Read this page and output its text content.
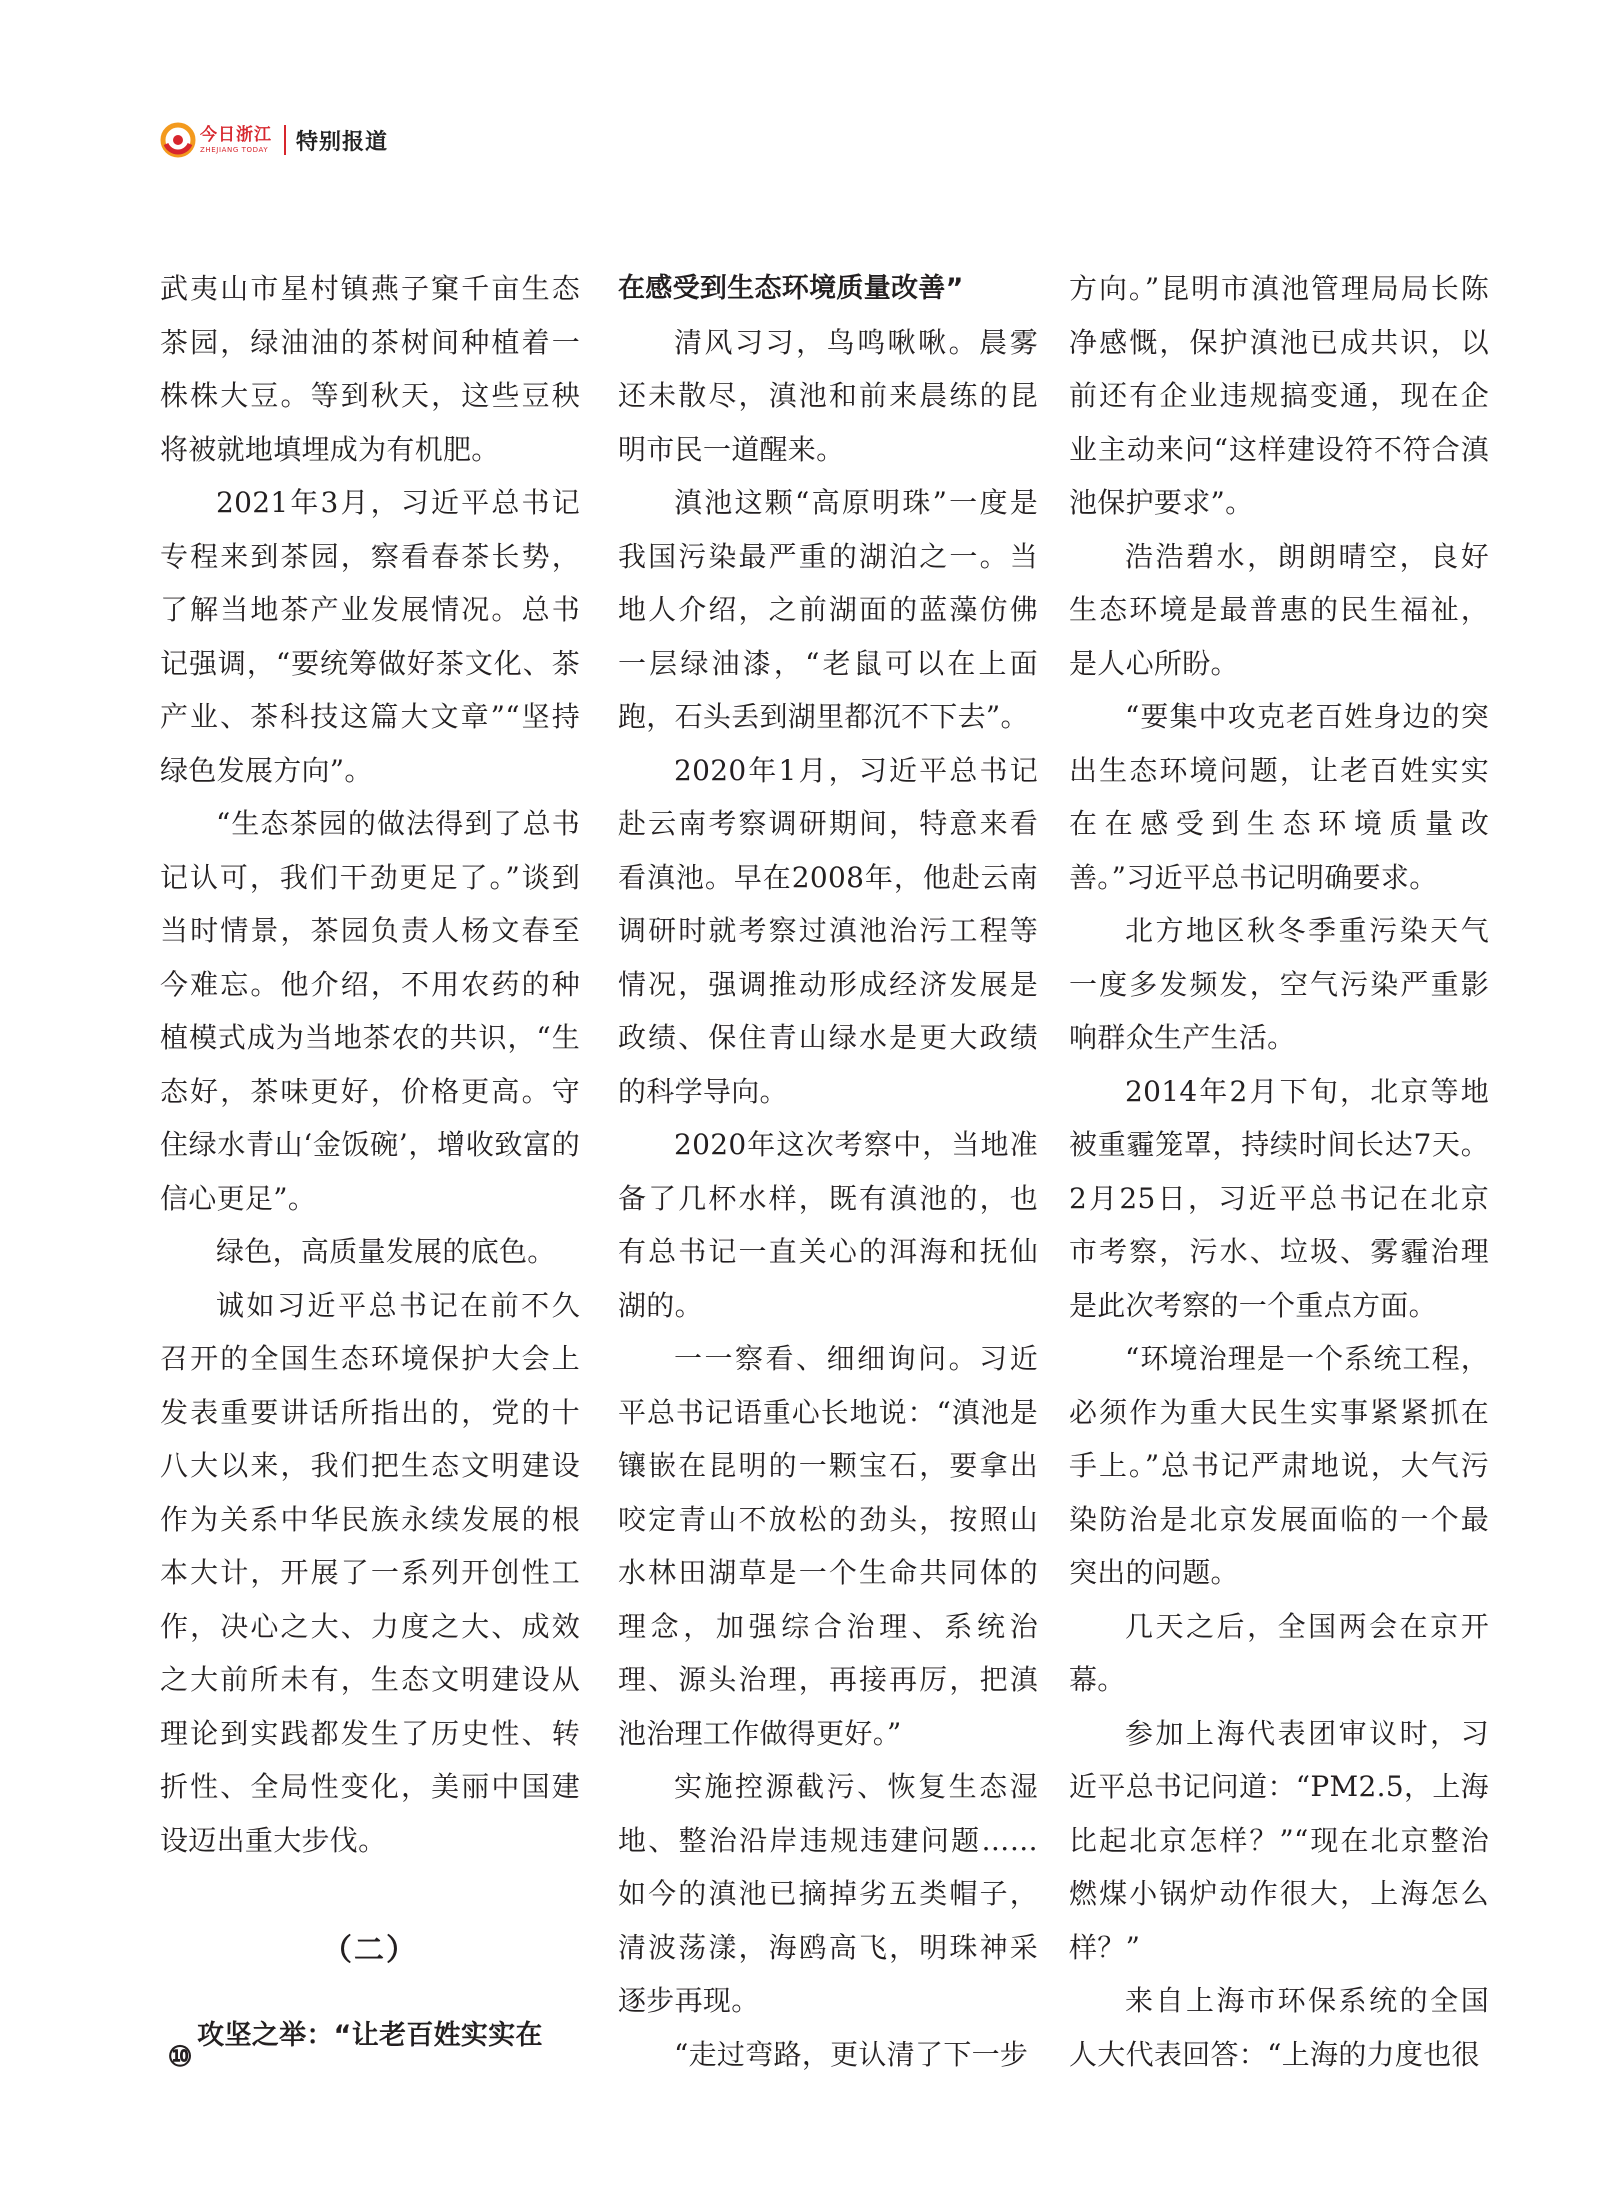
今日浙江
ZHEJIANG TODAY 特别报道

武夷山市星村镇燕子窠千亩生态茶园，绿油油的茶树间种植着一株株大豆。等到秋天，这些豆秧将被就地填埋成为有机肥。

2021年3月，习近平总书记专程来到茶园，察看春茶长势，了解当地茶产业发展情况。总书记强调，“要统筹做好茶文化、茶产业、茶科技这篇大文章”“坚持绿色发展方向”。

“生态茶园的做法得到了总书记认可，我们干劲更足了。”谈到当时情景，茶园负责人杨文春至今难忘。他介绍，不用农药的种植模式成为当地茶农的共识，“生态好，茶味更好，价格更高。守住绿水青山‘金饭碗’，增收致富的信心更足”。

绿色，高质量发展的底色。

诚如习近平总书记在前不久召开的全国生态环境保护大会上发表重要讲话所指出的，党的十八大以来，我们把生态文明建设作为关系中华民族永续发展的根本大计，开展了一系列开创性工作，决心之大、力度之大、成效之大前所未有，生态文明建设从理论到实践都发生了历史性、转折性、全局性变化，美丽中国建设迈出重大步伐。

（二）

攻坚之举：“让老百姓实实在

在感受到生态环境质量改善”

清风习习，鸟鸣啾啾。晨雾还未散尽，滇池和前来晨练的昆明市民一道醒来。

滇池这颗“高原明珠”一度是我国污染最严重的湖泊之一。当地人介绍，之前湖面的蓝藻仿佛一层绿油漆，“老鼠可以在上面跑，石头丢到湖里都沉不下去”。

2020年1月，习近平总书记赴云南考察调研期间，特意来看看滇池。早在2008年，他赴云南调研时就考察过滇池治污工程等情况，强调推动形成经济发展是政绩、保住青山绿水是更大政绩的科学导向。

2020年这次考察中，当地准备了几杯水样，既有滇池的，也有总书记一直关心的洱海和抚仙湖的。

一一察看、细细询问。习近平总书记语重心长地说：“滇池是镶嵌在昆明的一颗宝石，要拿出咬定青山不放松的劲头，按照山水林田湖草是一个生命共同体的理念，加强综合治理、系统治理、源头治理，再接再厉，把滇池治理工作做得更好。”

实施控源截污、恢复生态湿地、整治沿岸违规违建问题……如今的滇池已摘掉劣五类帽子，清波荡漾，海鸥高飞，明珠神采逐步再现。

“走过弯路，更认清了下一步

方向。”昆明市滇池管理局局长陈净感慨，保护滇池已成共识，以前还有企业违规搞变通，现在企业主动来问“这样建设符不符合滇池保护要求”。

浩浩碧水，朗朗晴空，良好生态环境是最普惠的民生福祉，是人心所盼。

“要集中攻克老百姓身边的突出生态环境问题，让老百姓实实在在感受到生态环境质量改善。”习近平总书记明确要求。

北方地区秋冬季重污染天气一度多发频发，空气污染严重影响群众生产生活。

2014年2月下旬，北京等地被重霾笼罩，持续时间长达7天。2月25日，习近平总书记在北京市考察，污水、垃圾、雾霾治理是此次考察的一个重点方面。

“环境治理是一个系统工程，必须作为重大民生实事紧紧抓在手上。”总书记严肃地说，大气污染防治是北京发展面临的一个最突出的问题。

几天之后，全国两会在京开幕。

参加上海代表团审议时，习近平总书记问道：“PM2.5，上海比起北京怎样？”“现在北京整治燃煤小锅炉动作很大，上海怎么样？”

来自上海市环保系统的全国人大代表回答：“上海的力度也很

⑩
